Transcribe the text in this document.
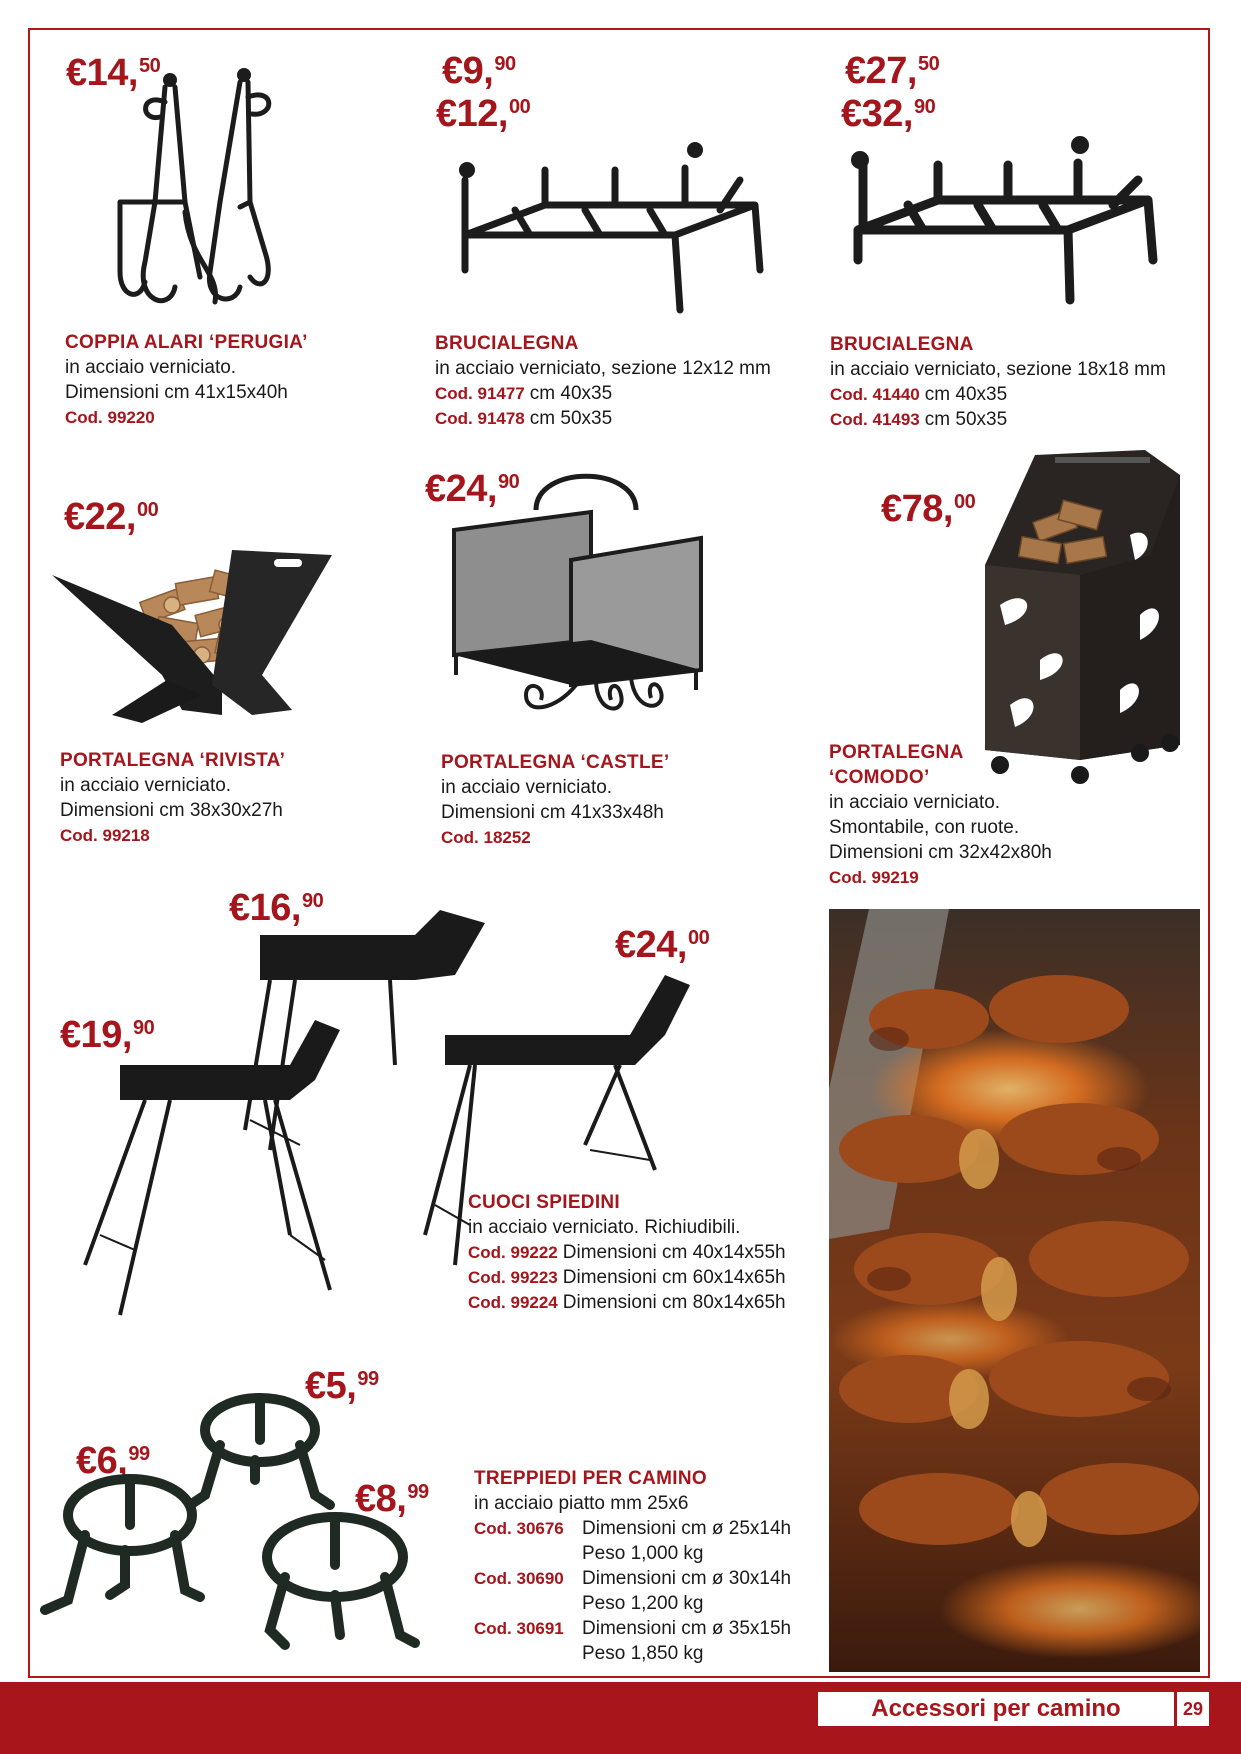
€14,50
COPPIA ALARI ‘PERUGIA’
in acciaio verniciato.
Dimensioni cm 41x15x40h
Cod. 99220
€9,90
€12,00
BRUCIALEGNA
in acciaio verniciato, sezione 12x12 mm
Cod. 91477 cm 40x35
Cod. 91478 cm 50x35
€27,50
€32,90
BRUCIALEGNA
in acciaio verniciato, sezione 18x18 mm
Cod. 41440 cm 40x35
Cod. 41493 cm 50x35
€22,00
PORTALEGNA ‘RIVISTA’
in acciaio verniciato.
Dimensioni cm 38x30x27h
Cod. 99218
€24,90
PORTALEGNA ‘CASTLE’
in acciaio verniciato.
Dimensioni cm 41x33x48h
Cod. 18252
€78,00
PORTALEGNA
‘COMODO’
in acciaio verniciato.
Smontabile, con ruote.
Dimensioni cm 32x42x80h
Cod. 99219
€16,90
€24,00
€19,90
CUOCI SPIEDINI
in acciaio verniciato. Richiudibili.
Cod. 99222 Dimensioni cm 40x14x55h
Cod. 99223 Dimensioni cm 60x14x65h
Cod. 99224 Dimensioni cm 80x14x65h
€5,99
€6,99
€8,99
TREPPIEDI PER CAMINO
in acciaio piatto mm 25x6
Cod. 30676 Dimensioni cm ø 25x14h
Peso 1,000 kg
Cod. 30690 Dimensioni cm ø 30x14h
Peso 1,200 kg
Cod. 30691 Dimensioni cm ø 35x15h
Peso 1,850 kg
Accessori per camino	29
